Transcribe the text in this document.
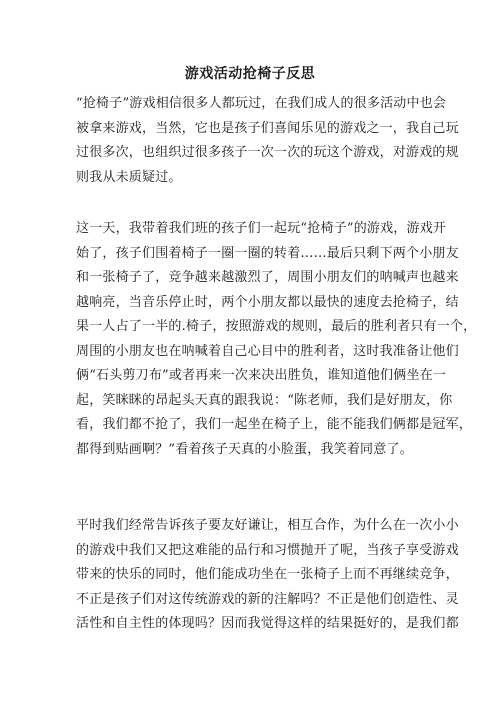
游戏活动抢椅子反思
“抢椅子”游戏相信很多人都玩过，在我们成人的很多活动中也会
被拿来游戏，当然，它也是孩子们喜闻乐见的游戏之一，我自己玩
过很多次，也组织过很多孩子一次一次的玩这个游戏，对游戏的规
则我从未质疑过。
这一天，我带着我们班的孩子们一起玩“抢椅子”的游戏，游戏开
始了，孩子们围着椅子一圈一圈的转着……最后只剩下两个小朋友
和一张椅子了，竞争越来越激烈了，周围小朋友们的呐喊声也越来
越响亮，当音乐停止时，两个小朋友都以最快的速度去抢椅子，结
果一人占了一半的.椅子，按照游戏的规则，最后的胜利者只有一个，
周围的小朋友也在呐喊着自己心目中的胜利者，这时我准备让他们
俩“石头剪刀布”或者再来一次来决出胜负，谁知道他们俩坐在一
起，笑眯眯的昂起头天真的跟我说：“陈老师，我们是好朋友，你
看，我们都不抢了，我们一起坐在椅子上，能不能我们俩都是冠军，
都得到贴画啊？”看着孩子天真的小脸蛋，我笑着同意了。
平时我们经常告诉孩子要友好谦让，相互合作，为什么在一次小小
的游戏中我们又把这难能的品行和习惯抛开了呢，当孩子享受游戏
带来的快乐的同时，他们能成功坐在一张椅子上而不再继续竞争，
不正是孩子们对这传统游戏的新的注解吗？不正是他们创造性、灵
活性和自主性的体现吗？因而我觉得这样的结果挺好的，是我们都
